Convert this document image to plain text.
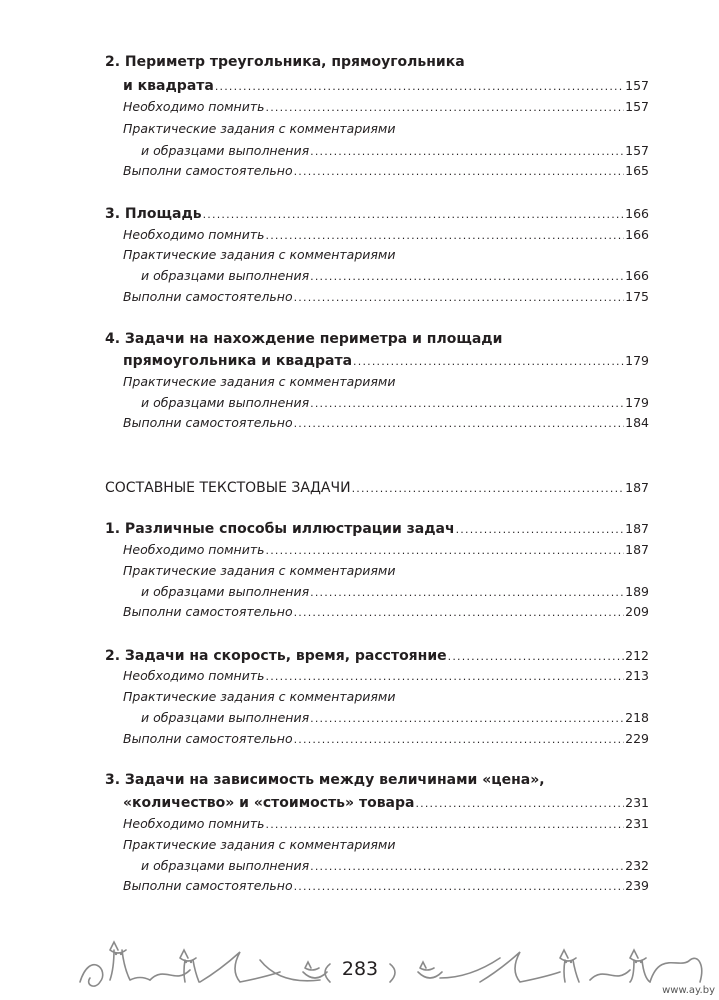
2. Периметр треугольника, прямоугольника
и квадрата .....	157
Необходимо помнить .....	157
Практические задания с комментариями
и образцами выполнения .....	157
Выполни самостоятельно .....	165
3. Площадь .....	166
Необходимо помнить .....	166
Практические задания с комментариями
и образцами выполнения .....	166
Выполни самостоятельно .....	175
4. Задачи на нахождение периметра и площади
прямоугольника и квадрата .....	179
Практические задания с комментариями
и образцами выполнения .....	179
Выполни самостоятельно .....	184
СОСТАВНЫЕ ТЕКСТОВЫЕ ЗАДАЧИ .....	187
1. Различные способы иллюстрации задач .....	187
Необходимо помнить .....	187
Практические задания с комментариями
и образцами выполнения .....	189
Выполни самостоятельно .....	209
2. Задачи на скорость, время, расстояние .....	212
Необходимо помнить .....	213
Практические задания с комментариями
и образцами выполнения .....	218
Выполни самостоятельно .....	229
3. Задачи на зависимость между величинами «цена»,
«количество» и «стоимость» товара .....	231
Необходимо помнить .....	231
Практические задания с комментариями
и образцами выполнения .....	232
Выполни самостоятельно .....	239
283
www.ay.by
